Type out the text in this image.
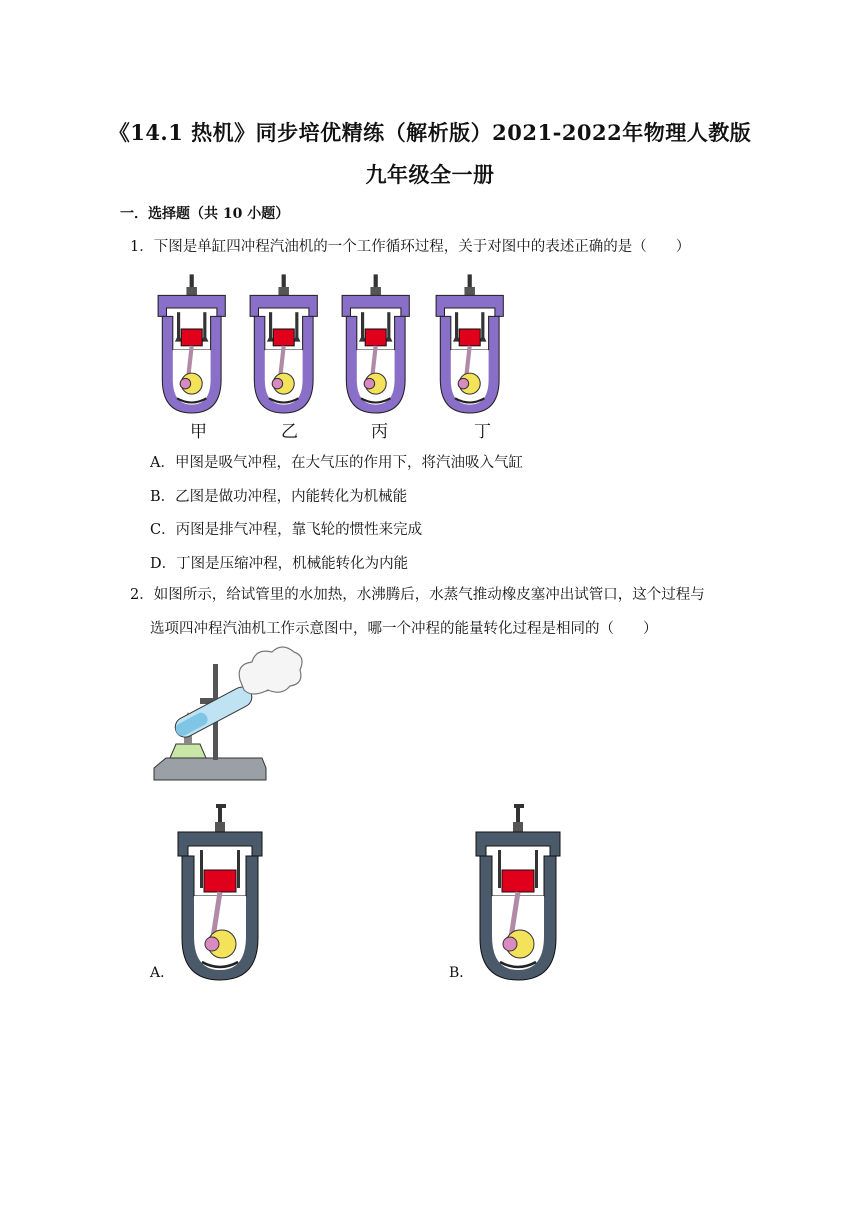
《14.1 热机》同步培优精练（解析版）2021-2022年物理人教版
九年级全一册
一．选择题（共 10 小题）
1．下图是单缸四冲程汽油机的一个工作循环过程，关于对图中的表述正确的是（　　）
甲	乙	丙	丁
A．甲图是吸气冲程，在大气压的作用下，将汽油吸入气缸
B．乙图是做功冲程，内能转化为机械能
C．丙图是排气冲程，靠飞轮的惯性来完成
D．丁图是压缩冲程，机械能转化为内能
2．如图所示，给试管里的水加热，水沸腾后，水蒸气推动橡皮塞冲出试管口，这个过程与
选项四冲程汽油机工作示意图中，哪一个冲程的能量转化过程是相同的（　　）
A．	B．
